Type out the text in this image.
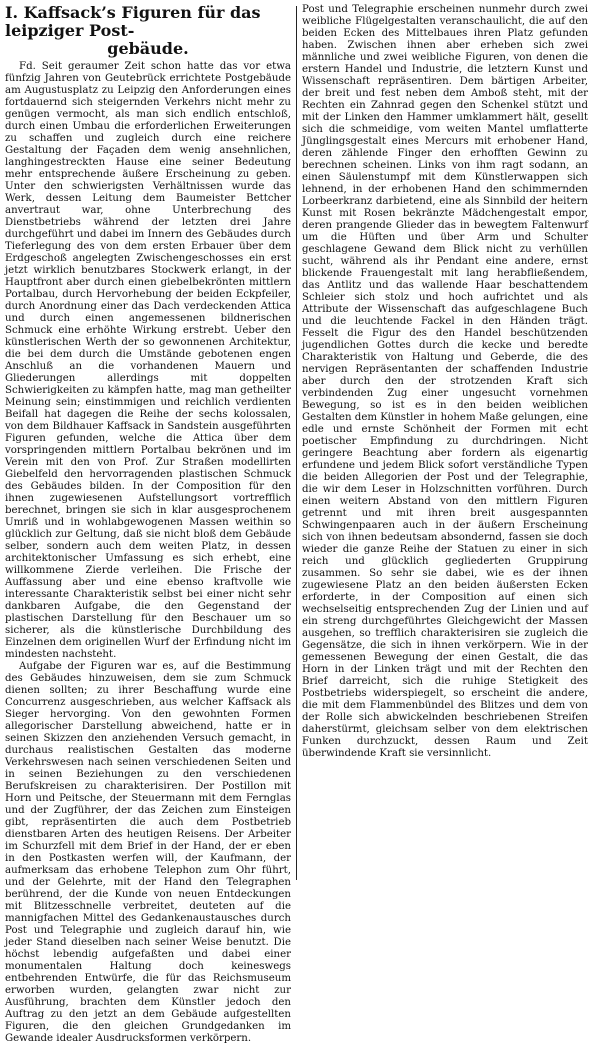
I. Kaffsack’s Figuren für das leipziger Post-
gebäude.

Fd. Seit geraumer Zeit schon hatte das vor etwa fünfzig Jahren von Geutebrück errichtete Postgebäude am Augustusplatz zu Leipzig den Anforderungen eines fortdauernd sich steigernden Verkehrs nicht mehr zu genügen vermocht, als man sich endlich entschloß, durch einen Umbau die erforderlichen Erweiterungen zu schaffen und zugleich durch eine reichere Gestaltung der Façaden dem wenig ansehnlichen, langhingestreckten Hause eine seiner Bedeutung mehr entsprechende äußere Erscheinung zu geben. Unter den schwierigsten Verhältnissen wurde das Werk, dessen Leitung dem Baumeister Bettcher anvertraut war, ohne Unterbrechung des Dienstbetriebs während der letzten drei Jahre durchgeführt und dabei im Innern des Gebäudes durch Tieferlegung des von dem ersten Erbauer über dem Erdgeschoß angelegten Zwischengeschosses ein erst jetzt wirklich benutzbares Stockwerk erlangt, in der Hauptfront aber durch einen giebelbekrönten mittlern Portalbau, durch Hervorhebung der beiden Eckpfeiler, durch Anordnung einer das Dach verdeckenden Attica und durch einen angemessenen bildnerischen Schmuck eine erhöhte Wirkung erstrebt. Ueber den künstlerischen Werth der so gewonnenen Architektur, die bei dem durch die Umstände gebotenen engen Anschluß an die vorhandenen Mauern und Gliederungen allerdings mit doppelten Schwierigkeiten zu kämpfen hatte, mag man getheilter Meinung sein; einstimmigen und reichlich verdienten Beifall hat dagegen die Reihe der sechs kolossalen, von dem Bildhauer Kaffsack in Sandstein ausgeführten Figuren gefunden, welche die Attica über dem vorspringenden mittlern Portalbau bekrönen und im Verein mit den von Prof. Zur Straßen modellirten Giebelfeld den hervorragenden plastischen Schmuck des Gebäudes bilden. In der Composition für den ihnen zugewiesenen Aufstellungsort vortrefflich berechnet, bringen sie sich in klar ausgesprochenem Umriß und in wohlabgewogenen Massen weithin so glücklich zur Geltung, daß sie nicht bloß dem Gebäude selber, sondern auch dem weiten Platz, in dessen architektonischer Umfassung es sich erhebt, eine willkommene Zierde verleihen. Die Frische der Auffassung aber und eine ebenso kraftvolle wie interessante Charakteristik selbst bei einer nicht sehr dankbaren Aufgabe, die den Gegenstand der plastischen Darstellung für den Beschauer um so sicherer, als die künstlerische Durchbildung des Einzelnen dem originellen Wurf der Erfindung nicht im mindesten nachsteht.

Aufgabe der Figuren war es, auf die Bestimmung des Gebäudes hinzuweisen, dem sie zum Schmuck dienen sollten; zu ihrer Beschaffung wurde eine Concurrenz ausgeschrieben, aus welcher Kaffsack als Sieger hervorging. Von den gewohnten Formen allegorischer Darstellung abweichend, hatte er in seinen Skizzen den anziehenden Versuch gemacht, in durchaus realistischen Gestalten das moderne Verkehrswesen nach seinen verschiedenen Seiten und in seinen Beziehungen zu den verschiedenen Berufskreisen zu charakterisiren. Der Postillon mit Horn und Peitsche, der Steuermann mit dem Fernglas und der Zugführer, der das Zeichen zum Einsteigen gibt, repräsentirten die auch dem Postbetrieb dienstbaren Arten des heutigen Reisens. Der Arbeiter im Schurzfell mit dem Brief in der Hand, der er eben in den Postkasten werfen will, der Kaufmann, der aufmerksam das erhobene Telephon zum Ohr führt, und der Gelehrte, mit der Hand den Telegraphen berührend, der die Kunde von neuen Entdeckungen mit Blitzesschnelle verbreitet, deuteten auf die mannigfachen Mittel des Gedankenaustausches durch Post und Telegraphie und zugleich darauf hin, wie jeder Stand dieselben nach seiner Weise benutzt. Die höchst lebendig aufgefaßten und dabei einer monumentalen Haltung doch keineswegs entbehrenden Entwürfe, die für das Reichsmuseum erworben wurden, gelangten zwar nicht zur Ausführung, brachten dem Künstler jedoch den Auftrag zu den jetzt an dem Gebäude aufgestellten Figuren, die den gleichen Grundgedanken im Gewande idealer Ausdrucksformen verkörpern.

Post und Telegraphie erscheinen nunmehr durch zwei weibliche Flügelgestalten veranschaulicht, die auf den beiden Ecken des Mittelbaues ihren Platz gefunden haben. Zwischen ihnen aber erheben sich zwei männliche und zwei weibliche Figuren, von denen die erstern Handel und Industrie, die letztern Kunst und Wissenschaft repräsentiren. Dem bärtigen Arbeiter, der breit und fest neben dem Amboß steht, mit der Rechten ein Zahnrad gegen den Schenkel stützt und mit der Linken den Hammer umklammert hält, gesellt sich die schmeidige, vom weiten Mantel umflatterte Jünglingsgestalt eines Mercurs mit erhobener Hand, deren zählende Finger den erhofften Gewinn zu berechnen scheinen. Links von ihm ragt sodann, an einen Säulenstumpf mit dem Künstlerwappen sich lehnend, in der erhobenen Hand den schimmernden Lorbeerkranz darbietend, eine als Sinnbild der heitern Kunst mit Rosen bekränzte Mädchengestalt empor, deren prangende Glieder das in bewegtem Faltenwurf um die Hüften und über Arm und Schulter geschlagene Gewand dem Blick nicht zu verhüllen sucht, während als ihr Pendant eine andere, ernst blickende Frauengestalt mit lang herabfließendem, das Antlitz und das wallende Haar beschattendem Schleier sich stolz und hoch aufrichtet und als Attribute der Wissenschaft das aufgeschlagene Buch und die leuchtende Fackel in den Händen trägt. Fesselt die Figur des den Handel beschützenden jugendlichen Gottes durch die kecke und beredte Charakteristik von Haltung und Geberde, die des nervigen Repräsentanten der schaffenden Industrie aber durch den der strotzenden Kraft sich verbindenden Zug einer ungesucht vornehmen Bewegung, so ist es in den beiden weiblichen Gestalten dem Künstler in hohem Maße gelungen, eine edle und ernste Schönheit der Formen mit echt poetischer Empfindung zu durchdringen. Nicht geringere Beachtung aber fordern als eigenartig erfundene und jedem Blick sofort verständliche Typen die beiden Allegorien der Post und der Telegraphie, die wir dem Leser in Holzschnitten vorführen. Durch einen weitern Abstand von den mittlern Figuren getrennt und mit ihren breit ausgespannten Schwingenpaaren auch in der äußern Erscheinung sich von ihnen bedeutsam absondernd, fassen sie doch wieder die ganze Reihe der Statuen zu einer in sich reich und glücklich gegliederten Gruppirung zusammen. So sehr sie dabei, wie es der ihnen zugewiesene Platz an den beiden äußersten Ecken erforderte, in der Composition auf einen sich wechselseitig entsprechenden Zug der Linien und auf ein streng durchgeführtes Gleichgewicht der Massen ausgehen, so trefflich charakterisiren sie zugleich die Gegensätze, die sich in ihnen verkörpern. Wie in der gemessenen Bewegung der einen Gestalt, die das Horn in der Linken trägt und mit der Rechten den Brief darreicht, sich die ruhige Stetigkeit des Postbetriebs widerspiegelt, so erscheint die andere, die mit dem Flammenbündel des Blitzes und dem von der Rolle sich abwickelnden beschriebenen Streifen daherstürmt, gleichsam selber von dem elektrischen Funken durchzuckt, dessen Raum und Zeit überwindende Kraft sie versinnlicht.
